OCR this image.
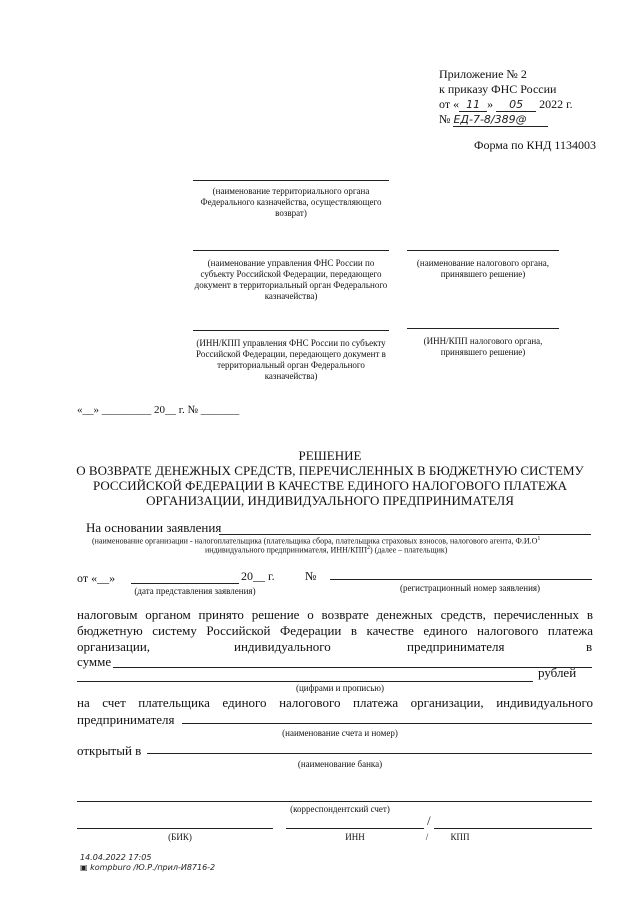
Приложение № 2
к приказу ФНС России
от « 11 » 05 2022 г.
№ ЕД-7-8/389@
Форма по КНД 1134003
(наименование территориального органа Федерального казначейства, осуществляющего возврат)
(наименование управления ФНС России по субъекту Российской Федерации, передающего документ в территориальный орган Федерального казначейства)
(наименование налогового органа, принявшего решение)
(ИНН/КПП управления ФНС России по субъекту Российской Федерации, передающего документ в территориальный орган Федерального казначейства)
(ИНН/КПП налогового органа, принявшего решение)
«__» _________ 20__ г. № _______
РЕШЕНИЕ
О ВОЗВРАТЕ ДЕНЕЖНЫХ СРЕДСТВ, ПЕРЕЧИСЛЕННЫХ В БЮДЖЕТНУЮ СИСТЕМУ
РОССИЙСКОЙ ФЕДЕРАЦИИ В КАЧЕСТВЕ ЕДИНОГО НАЛОГОВОГО ПЛАТЕЖА
ОРГАНИЗАЦИИ, ИНДИВИДУАЛЬНОГО ПРЕДПРИНИМАТЕЛЯ
На основании заявления
(наименование организации - налогоплательщика (плательщика сбора, плательщика страховых взносов, налогового агента, $Ф.И.О^1$
индивидуального предпринимателя, ИНН/КПП$^2$) (далее – плательщик)
от «__»	20__ г.	№
(дата представления заявления)	(регистрационный номер заявления)
налоговым органом принято решение о возврате денежных средств, перечисленных в
бюджетную системy Российской Федерации в качестве единого налогового платежа
организации,	индивидуального	предпринимателя	в
сумме
рублей
(цифрами и прописью)
на счет плательщика единого налогового платежа организации, индивидуального
предпринимателя
(наименование счета и номер)
открытый в
(наименование банка)
(корреспондентский счет)
/
(БИК)	ИНН	/	КПП
14.04.2022 17:05
▣ kompburo /Ю.Р./прил-И8716-2
